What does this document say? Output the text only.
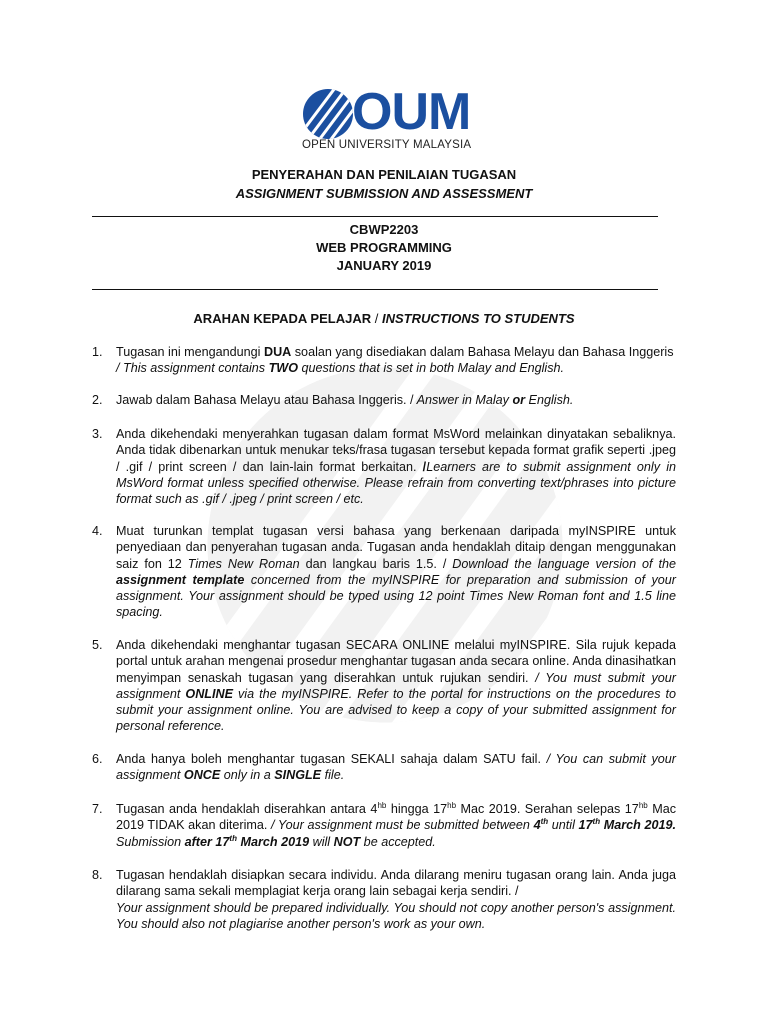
OUM
OPEN UNIVERSITY MALAYSIA
PENYERAHAN DAN PENILAIAN TUGASAN
ASSIGNMENT SUBMISSION AND ASSESSMENT
CBWP2203
WEB PROGRAMMING
JANUARY 2019
ARAHAN KEPADA PELAJAR / INSTRUCTIONS TO STUDENTS

1. Tugasan ini mengandungi DUA soalan yang disediakan dalam Bahasa Melayu dan Bahasa Inggeris
/ This assignment contains TWO questions that is set in both Malay and English.

2. Jawab dalam Bahasa Melayu atau Bahasa Inggeris. / Answer in Malay or English.

3. Anda dikehendaki menyerahkan tugasan dalam format MsWord melainkan dinyatakan sebaliknya. Anda tidak dibenarkan untuk menukar teks/frasa tugasan tersebut kepada format grafik seperti .jpeg / .gif / print screen / dan lain-lain format berkaitan. /Learners are to submit assignment only in MsWord format unless specified otherwise. Please refrain from converting text/phrases into picture format such as .gif / .jpeg / print screen / etc.

4. Muat turunkan templat tugasan versi bahasa yang berkenaan daripada myINSPIRE untuk penyediaan dan penyerahan tugasan anda. Tugasan anda hendaklah ditaip dengan menggunakan saiz fon 12 Times New Roman dan langkau baris 1.5. / Download the language version of the assignment template concerned from the myINSPIRE for preparation and submission of your assignment. Your assignment should be typed using 12 point Times New Roman font and 1.5 line spacing.

5. Anda dikehendaki menghantar tugasan SECARA ONLINE melalui myINSPIRE. Sila rujuk kepada portal untuk arahan mengenai prosedur menghantar tugasan anda secara online. Anda dinasihatkan menyimpan senaskah tugasan yang diserahkan untuk rujukan sendiri. / You must submit your assignment ONLINE via the myINSPIRE. Refer to the portal for instructions on the procedures to submit your assignment online. You are advised to keep a copy of your submitted assignment for personal reference.

6. Anda hanya boleh menghantar tugasan SEKALI sahaja dalam SATU fail. / You can submit your assignment ONCE only in a SINGLE file.

7. Tugasan anda hendaklah diserahkan antara $4^{hb}$ hingga $17^{hb}$ Mac 2019. Serahan selepas $17^{hb}$ Mac 2019 TIDAK akan diterima. / Your assignment must be submitted between 4th until 17th March 2019. Submission after 17th March 2019 will NOT be accepted.

8. Tugasan hendaklah disiapkan secara individu. Anda dilarang meniru tugasan orang lain. Anda juga dilarang sama sekali memplagiat kerja orang lain sebagai kerja sendiri. /
Your assignment should be prepared individually. You should not copy another person's assignment. You should also not plagiarise another person's work as your own.
